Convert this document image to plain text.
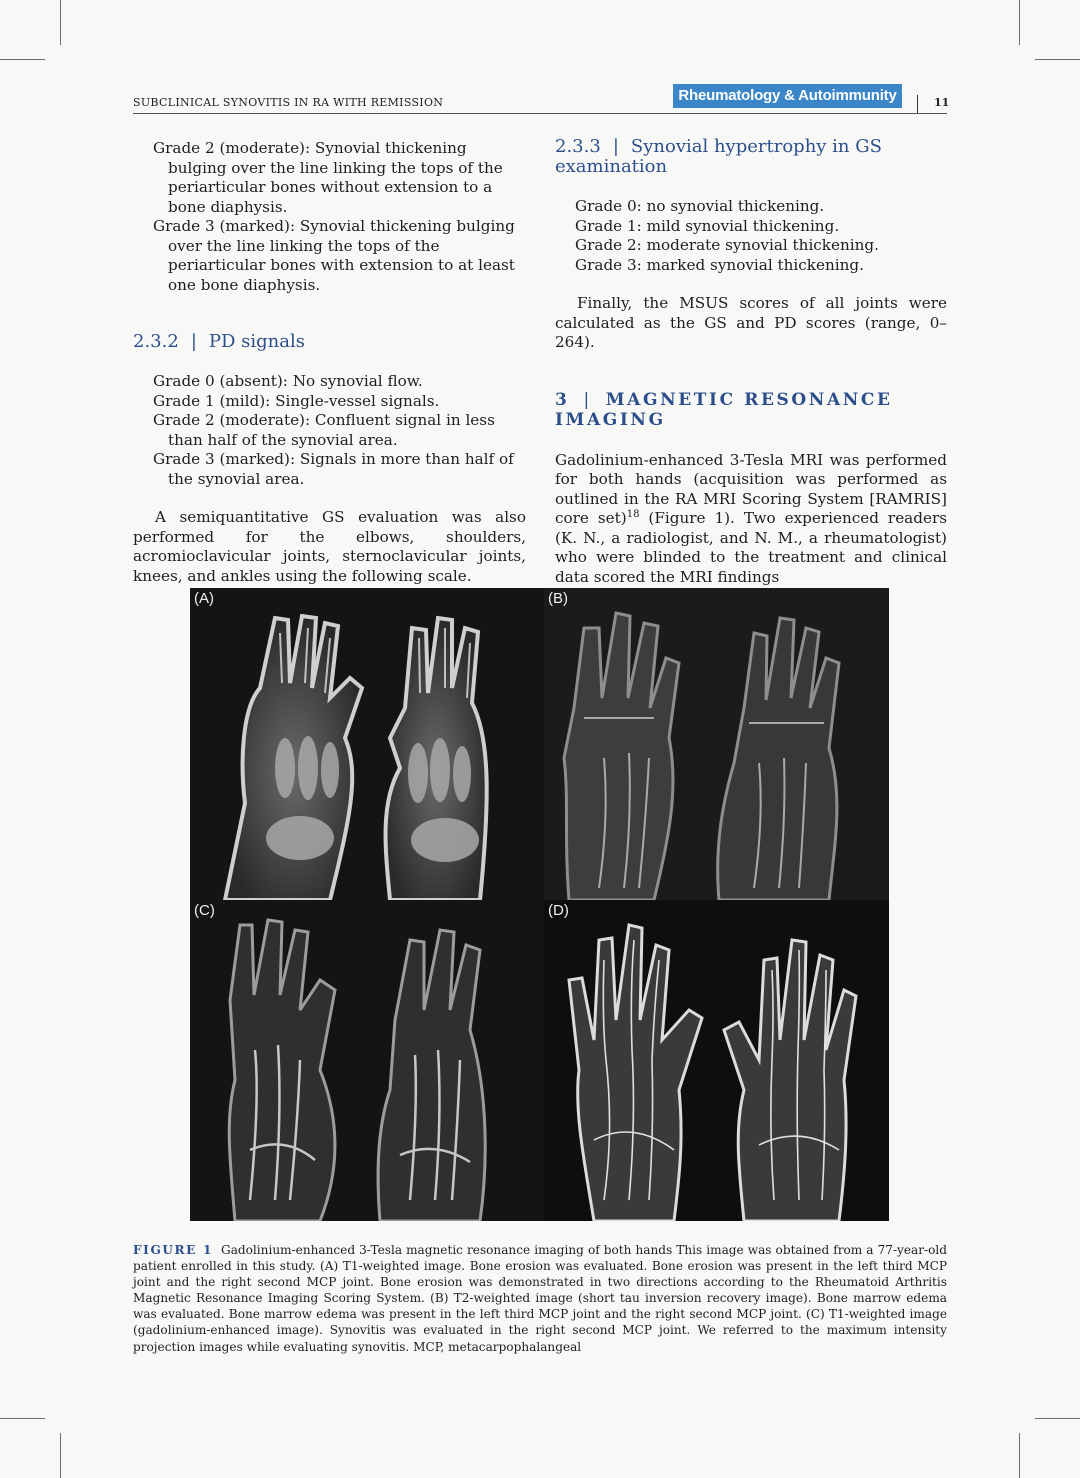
SUBCLINICAL SYNOVITIS IN RA WITH REMISSION	Rheumatology & Autoimmunity	11

Grade 2 (moderate): Synovial thickening bulging over the line linking the tops of the periarticular bones without extension to a bone diaphysis.

Grade 3 (marked): Synovial thickening bulging over the line linking the tops of the periarticular bones with extension to at least one bone diaphysis.

2.3.2 | PD signals

Grade 0 (absent): No synovial flow.

Grade 1 (mild): Single-vessel signals.

Grade 2 (moderate): Confluent signal in less than half of the synovial area.

Grade 3 (marked): Signals in more than half of the synovial area.

A semiquantitative GS evaluation was also performed for the elbows, shoulders, acromioclavicular joints, sternoclavicular joints, knees, and ankles using the following scale.

2.3.3 | Synovial hypertrophy in GS
examination

Grade 0: no synovial thickening.

Grade 1: mild synovial thickening.

Grade 2: moderate synovial thickening.

Grade 3: marked synovial thickening.

Finally, the MSUS scores of all joints were calculated as the GS and PD scores (range, 0–264).

3 | MAGNETIC RESONANCE
IMAGING

Gadolinium-enhanced 3-Tesla MRI was performed for both hands (acquisition was performed as outlined in the RA MRI Scoring System [RAMRIS] core set)$^{18}$ (Figure 1). Two experienced readers (K. N., a radiologist, and N. M., a rheumatologist) who were blinded to the treatment and clinical data scored the MRI findings

(A)	(B)
(C)	(D)
FIGURE 1 Gadolinium-enhanced 3-Tesla magnetic resonance imaging of both hands This image was obtained from a 77-year-old patient enrolled in this study. (A) T1-weighted image. Bone erosion was evaluated. Bone erosion was present in the left third MCP joint and the right second MCP joint. Bone erosion was demonstrated in two directions according to the Rheumatoid Arthritis Magnetic Resonance Imaging Scoring System. (B) T2-weighted image (short tau inversion recovery image). Bone marrow edema was evaluated. Bone marrow edema was present in the left third MCP joint and the right second MCP joint. (C) T1-weighted image (gadolinium-enhanced image). Synovitis was evaluated in the right second MCP joint. We referred to the maximum intensity projection images while evaluating synovitis. MCP, metacarpophalangeal
